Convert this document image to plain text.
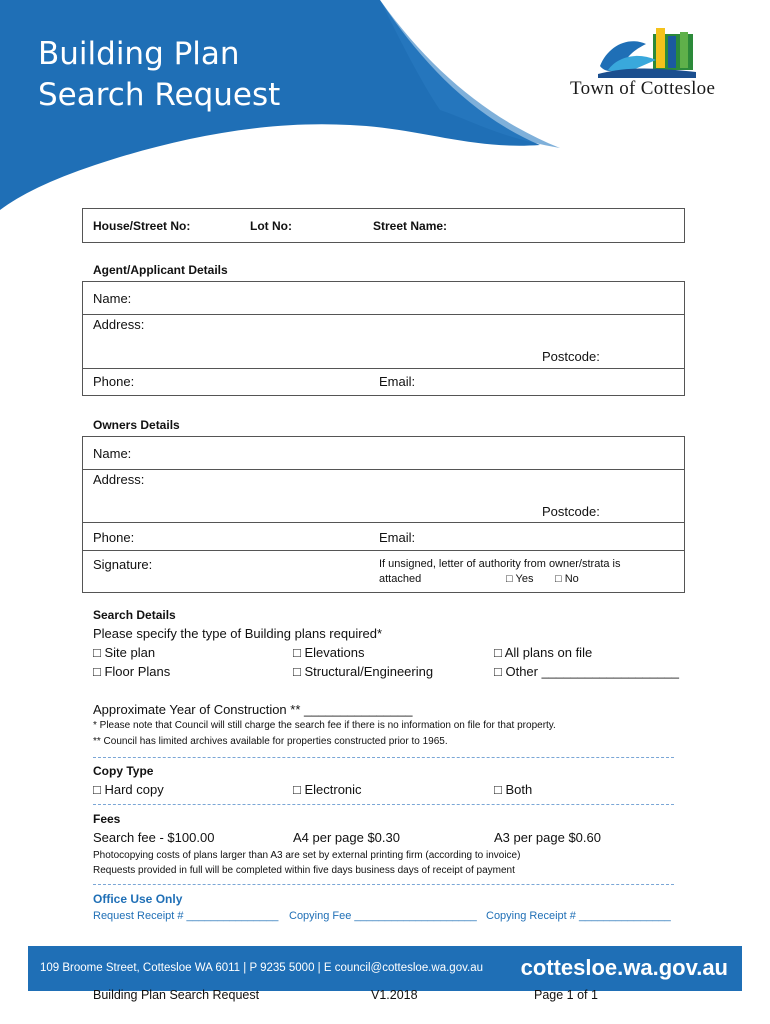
Building Plan
Search Request	Town of Cottesloe
House/Street No:	Lot No:	Street Name:
Agent/Applicant Details
Name:
Address:
Postcode:
Phone:	Email:
Owners Details
Name:
Address:
Postcode:
Phone:	Email:
Signature:	If unsigned, letter of authority from owner/strata is
attached	□ Yes □ No
Search Details
Please specify the type of Building plans required*
□ Site plan	□ Elevations	□ All plans on file
□ Floor Plans	□ Structural/Engineering	□ Other ___________________
Approximate Year of Construction ** _______________
* Please note that Council will still charge the search fee if there is no information on file for that property.
** Council has limited archives available for properties constructed prior to 1965.
Copy Type
□ Hard copy	□ Electronic	□ Both
Fees
Search fee - $100.00	A4 per page $0.30	A3 per page $0.60
Photocopying costs of plans larger than A3 are set by external printing firm (according to invoice)
Requests provided in full will be completed within five days business days of receipt of payment
Office Use Only
Request Receipt # _______________ Copying Fee ____________________ Copying Receipt # _______________
109 Broome Street, Cottesloe WA 6011 | P 9235 5000 | E council@cottesloe.wa.gov.au cottesloe.wa.gov.au
Building Plan Search Request	V1.2018	Page 1 of 1
